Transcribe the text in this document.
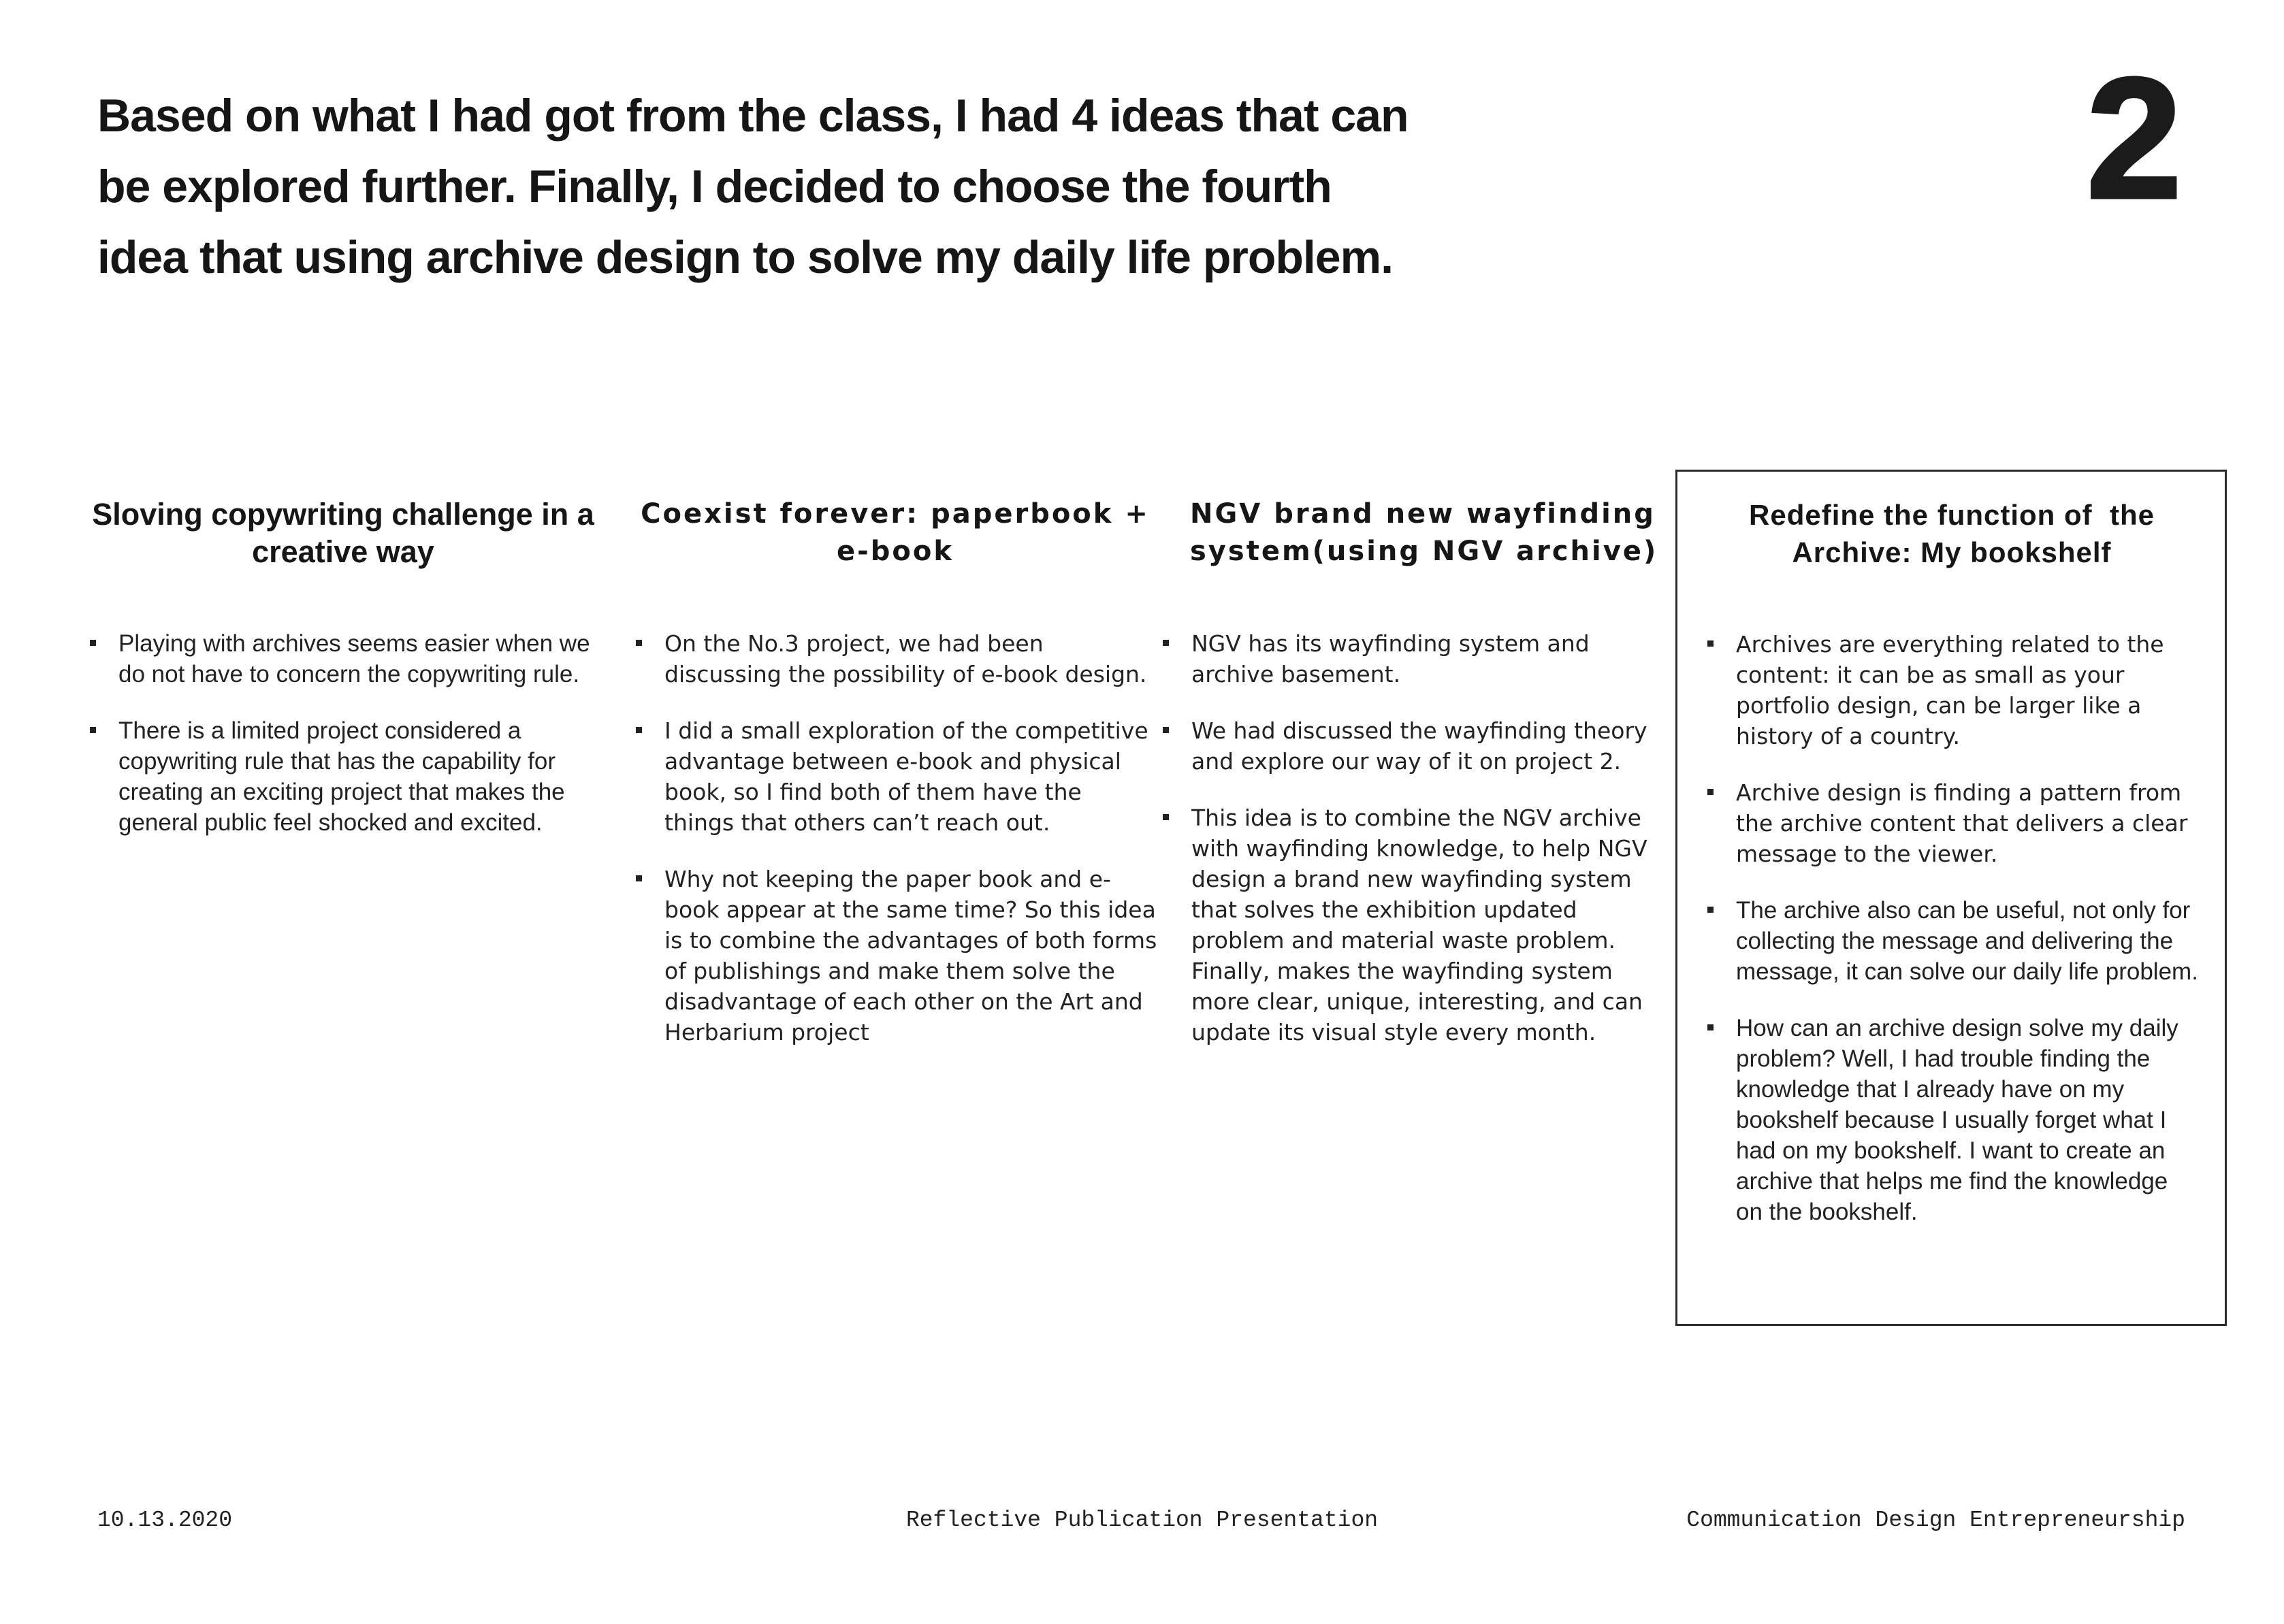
Based on what I had got from the class, I had 4 ideas that can
be explored further. Finally, I decided to choose the fourth
idea that using archive design to solve my daily life problem.
2
Sloving copywriting challenge in a creative way
Playing with archives seems easier when we do not have to concern the copywriting rule.
There is a limited project considered a copywriting rule that has the capability for creating an exciting project that makes the general public feel shocked and excited.
Coexist forever: paperbook + e-book
On the No.3 project, we had been discussing the possibility of e-book design.
I did a small exploration of the competitive advantage between e-book and physical book, so I find both of them have the things that others can’t reach out.
Why not keeping the paper book and e-book appear at the same time? So this idea is to combine the advantages of both forms of publishings and make them solve the disadvantage of each other on the Art and Herbarium project
NGV brand new wayfinding system(using NGV archive)
NGV has its wayfinding system and archive basement.
We had discussed the wayfinding theory and explore our way of it on project 2.
This idea is to combine the NGV archive with wayfinding knowledge, to help NGV design a brand new wayfinding system that solves the exhibition updated problem and material waste problem. Finally, makes the wayfinding system more clear, unique, interesting, and can update its visual style every month.
Redefine the function of  the Archive: My bookshelf
Archives are everything related to the content: it can be as small as your portfolio design, can be larger like a history of a country.
Archive design is finding a pattern from the archive content that delivers a clear message to the viewer.
The archive also can be useful, not only for collecting the message and delivering the message, it can solve our daily life problem.
How can an archive design solve my daily problem? Well, I had trouble finding the knowledge that I already have on my bookshelf because I usually forget what I had on my bookshelf. I want to create an archive that helps me find the knowledge on the bookshelf.
10.13.2020	Reflective Publication Presentation	Communication Design Entrepreneurship
